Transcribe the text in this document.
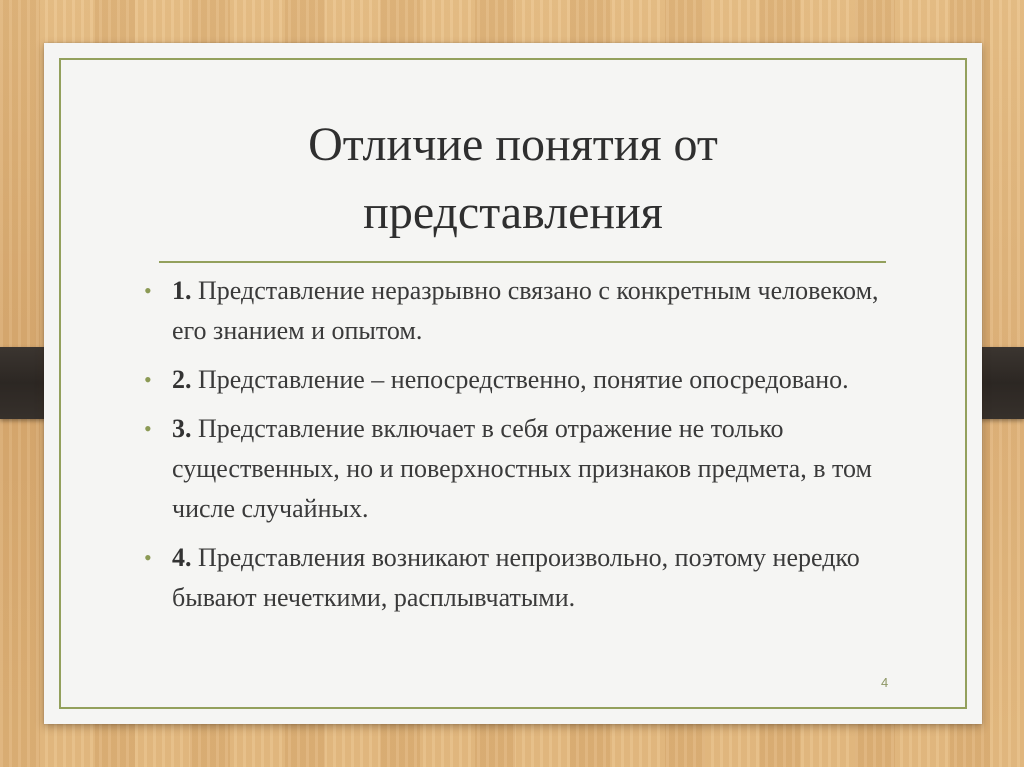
Отличие понятия от
представления
• 1. Представление неразрывно связано с конкретным человеком, его знанием и опытом.
• 2. Представление – непосредственно, понятие опосредовано.
• 3. Представление включает в себя отражение не только существенных, но и поверхностных признаков предмета, в том числе случайных.
• 4. Представления возникают непроизвольно, поэтому нередко бывают нечеткими, расплывчатыми.
4
